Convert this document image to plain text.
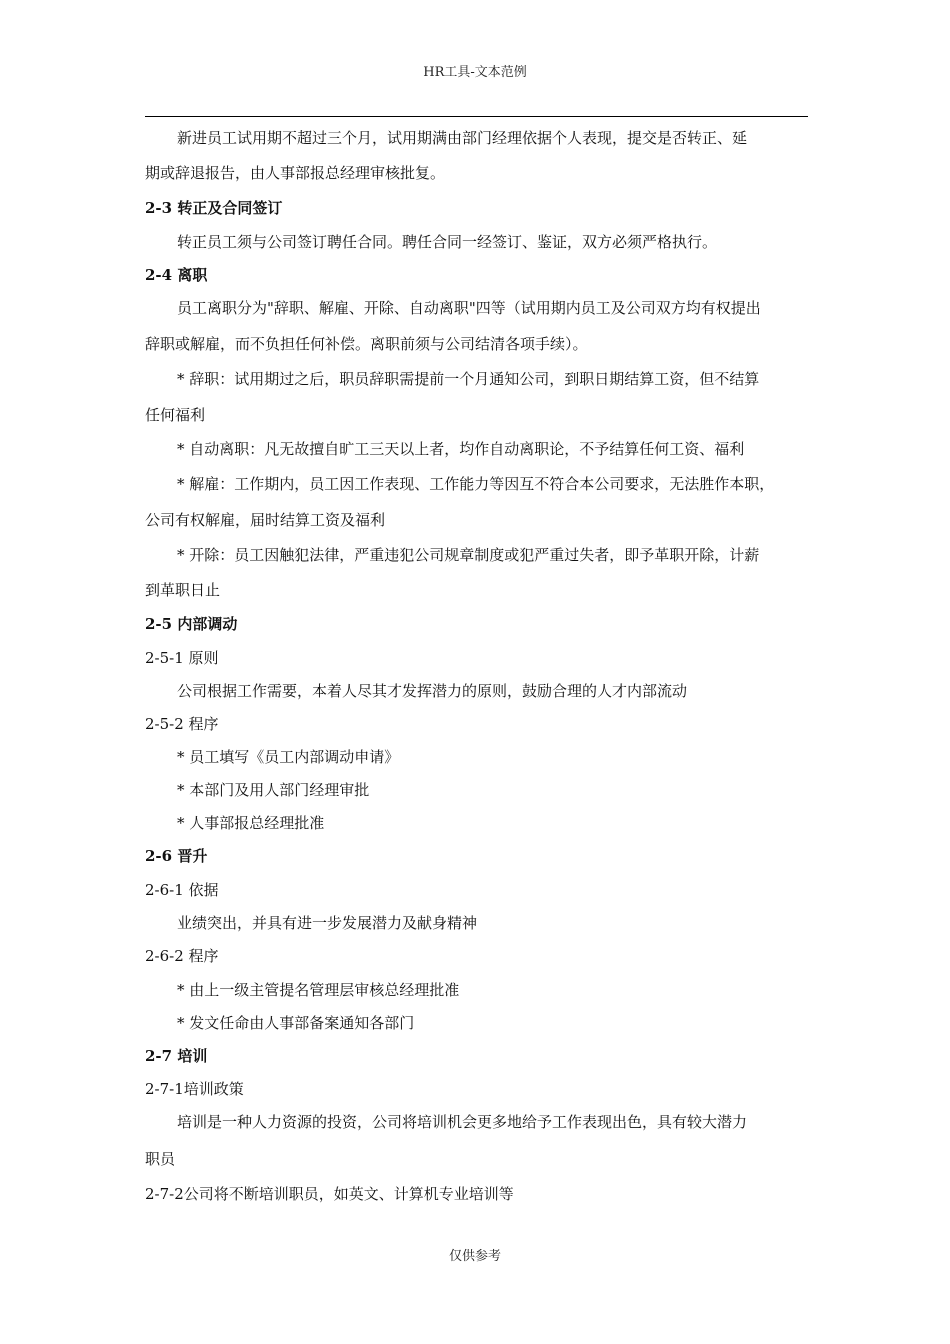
HR工具-文本范例
新进员工试用期不超过三个月，试用期满由部门经理依据个人表现，提交是否转正、延
期或辞退报告，由人事部报总经理审核批复。
2-3 转正及合同签订
转正员工须与公司签订聘任合同。聘任合同一经签订、鉴证，双方必须严格执行。
2-4 离职
员工离职分为"辞职、解雇、开除、自动离职"四等（试用期内员工及公司双方均有权提出
辞职或解雇，而不负担任何补偿。离职前须与公司结清各项手续）。
* 辞职：试用期过之后，职员辞职需提前一个月通知公司，到职日期结算工资，但不结算
任何福利
* 自动离职：凡无故擅自旷工三天以上者，均作自动离职论，不予结算任何工资、福利
* 解雇：工作期内，员工因工作表现、工作能力等因互不符合本公司要求，无法胜作本职，
公司有权解雇，届时结算工资及福利
* 开除：员工因触犯法律，严重违犯公司规章制度或犯严重过失者，即予革职开除，计薪
到革职日止
2-5 内部调动
2-5-1 原则
公司根据工作需要，本着人尽其才发挥潜力的原则，鼓励合理的人才内部流动
2-5-2 程序
* 员工填写《员工内部调动申请》
* 本部门及用人部门经理审批
* 人事部报总经理批准
2-6 晋升
2-6-1 依据
业绩突出，并具有进一步发展潜力及献身精神
2-6-2 程序
* 由上一级主管提名管理层审核总经理批准
* 发文任命由人事部备案通知各部门
2-7 培训
2-7-1培训政策
培训是一种人力资源的投资，公司将培训机会更多地给予工作表现出色，具有较大潜力
职员
2-7-2公司将不断培训职员，如英文、计算机专业培训等
仅供参考
